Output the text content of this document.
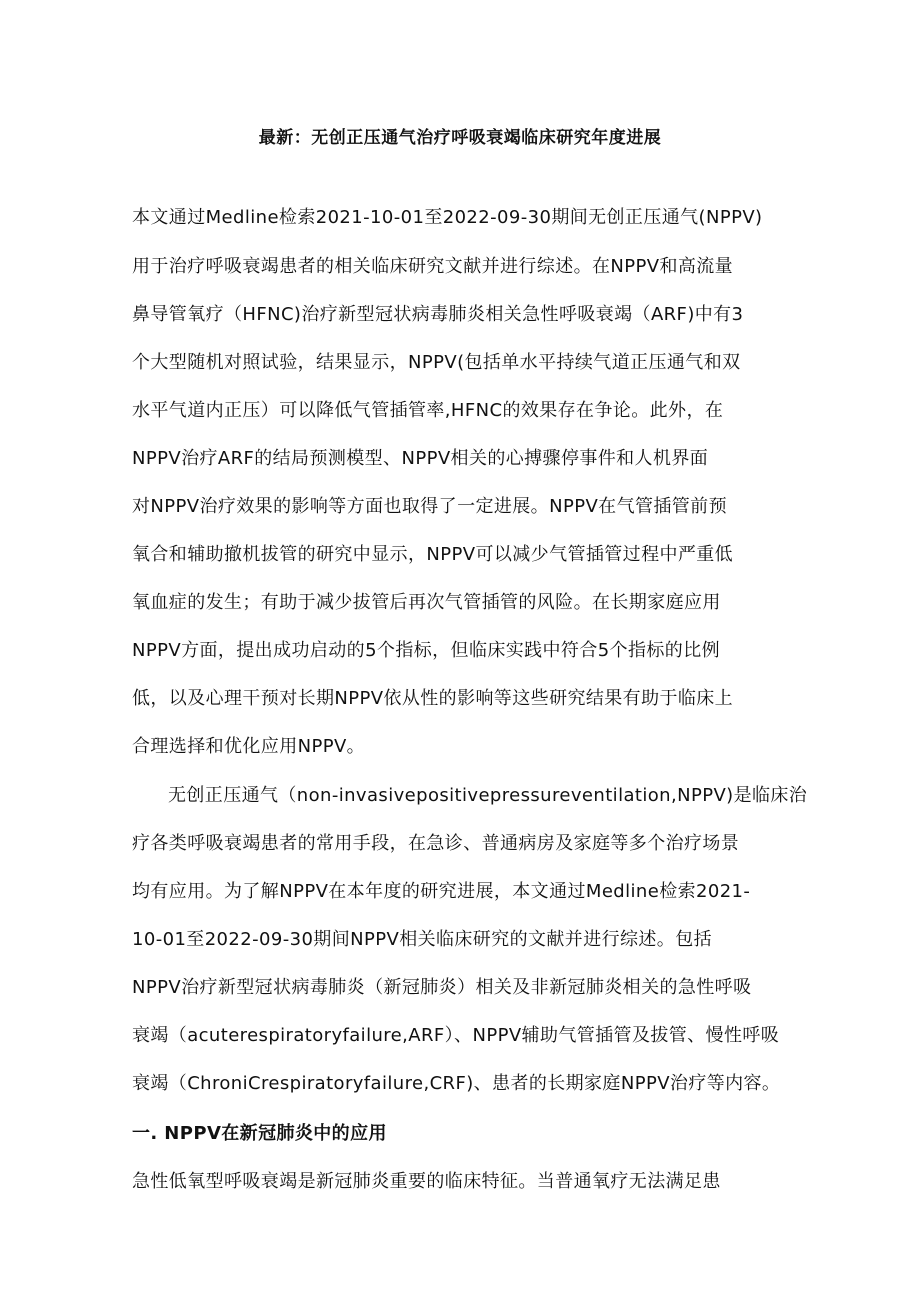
最新：无创正压通气治疗呼吸衰竭临床研究年度进展
本文通过Medline检索2021-10-01至2022-09-30期间无创正压通气(NPPV)
用于治疗呼吸衰竭患者的相关临床研究文献并进行综述。在NPPV和高流量
鼻导管氧疗（HFNC)治疗新型冠状病毒肺炎相关急性呼吸衰竭（ARF)中有3
个大型随机对照试验，结果显示，NPPV(包括单水平持续气道正压通气和双
水平气道内正压）可以降低气管插管率,HFNC的效果存在争论。此外，在
NPPV治疗ARF的结局预测模型、NPPV相关的心搏骤停事件和人机界面
对NPPV治疗效果的影响等方面也取得了一定进展。NPPV在气管插管前预
氧合和辅助撤机拔管的研究中显示，NPPV可以减少气管插管过程中严重低
氧血症的发生；有助于减少拔管后再次气管插管的风险。在长期家庭应用
NPPV方面，提出成功启动的5个指标，但临床实践中符合5个指标的比例
低，以及心理干预对长期NPPV依从性的影响等这些研究结果有助于临床上
合理选择和优化应用NPPV。
无创正压通气（non-invasivepositivepressureventilation,NPPV)是临床治
疗各类呼吸衰竭患者的常用手段，在急诊、普通病房及家庭等多个治疗场景
均有应用。为了解NPPV在本年度的研究进展，本文通过Medline检索2021-
10-01至2022-09-30期间NPPV相关临床研究的文献并进行综述。包括
NPPV治疗新型冠状病毒肺炎（新冠肺炎）相关及非新冠肺炎相关的急性呼吸
衰竭（acuterespiratoryfailure,ARF）、NPPV辅助气管插管及拔管、慢性呼吸
衰竭（ChroniCrespiratoryfailure,CRF)、患者的长期家庭NPPV治疗等内容。
一. NPPV在新冠肺炎中的应用
急性低氧型呼吸衰竭是新冠肺炎重要的临床特征。当普通氧疗无法满足患
